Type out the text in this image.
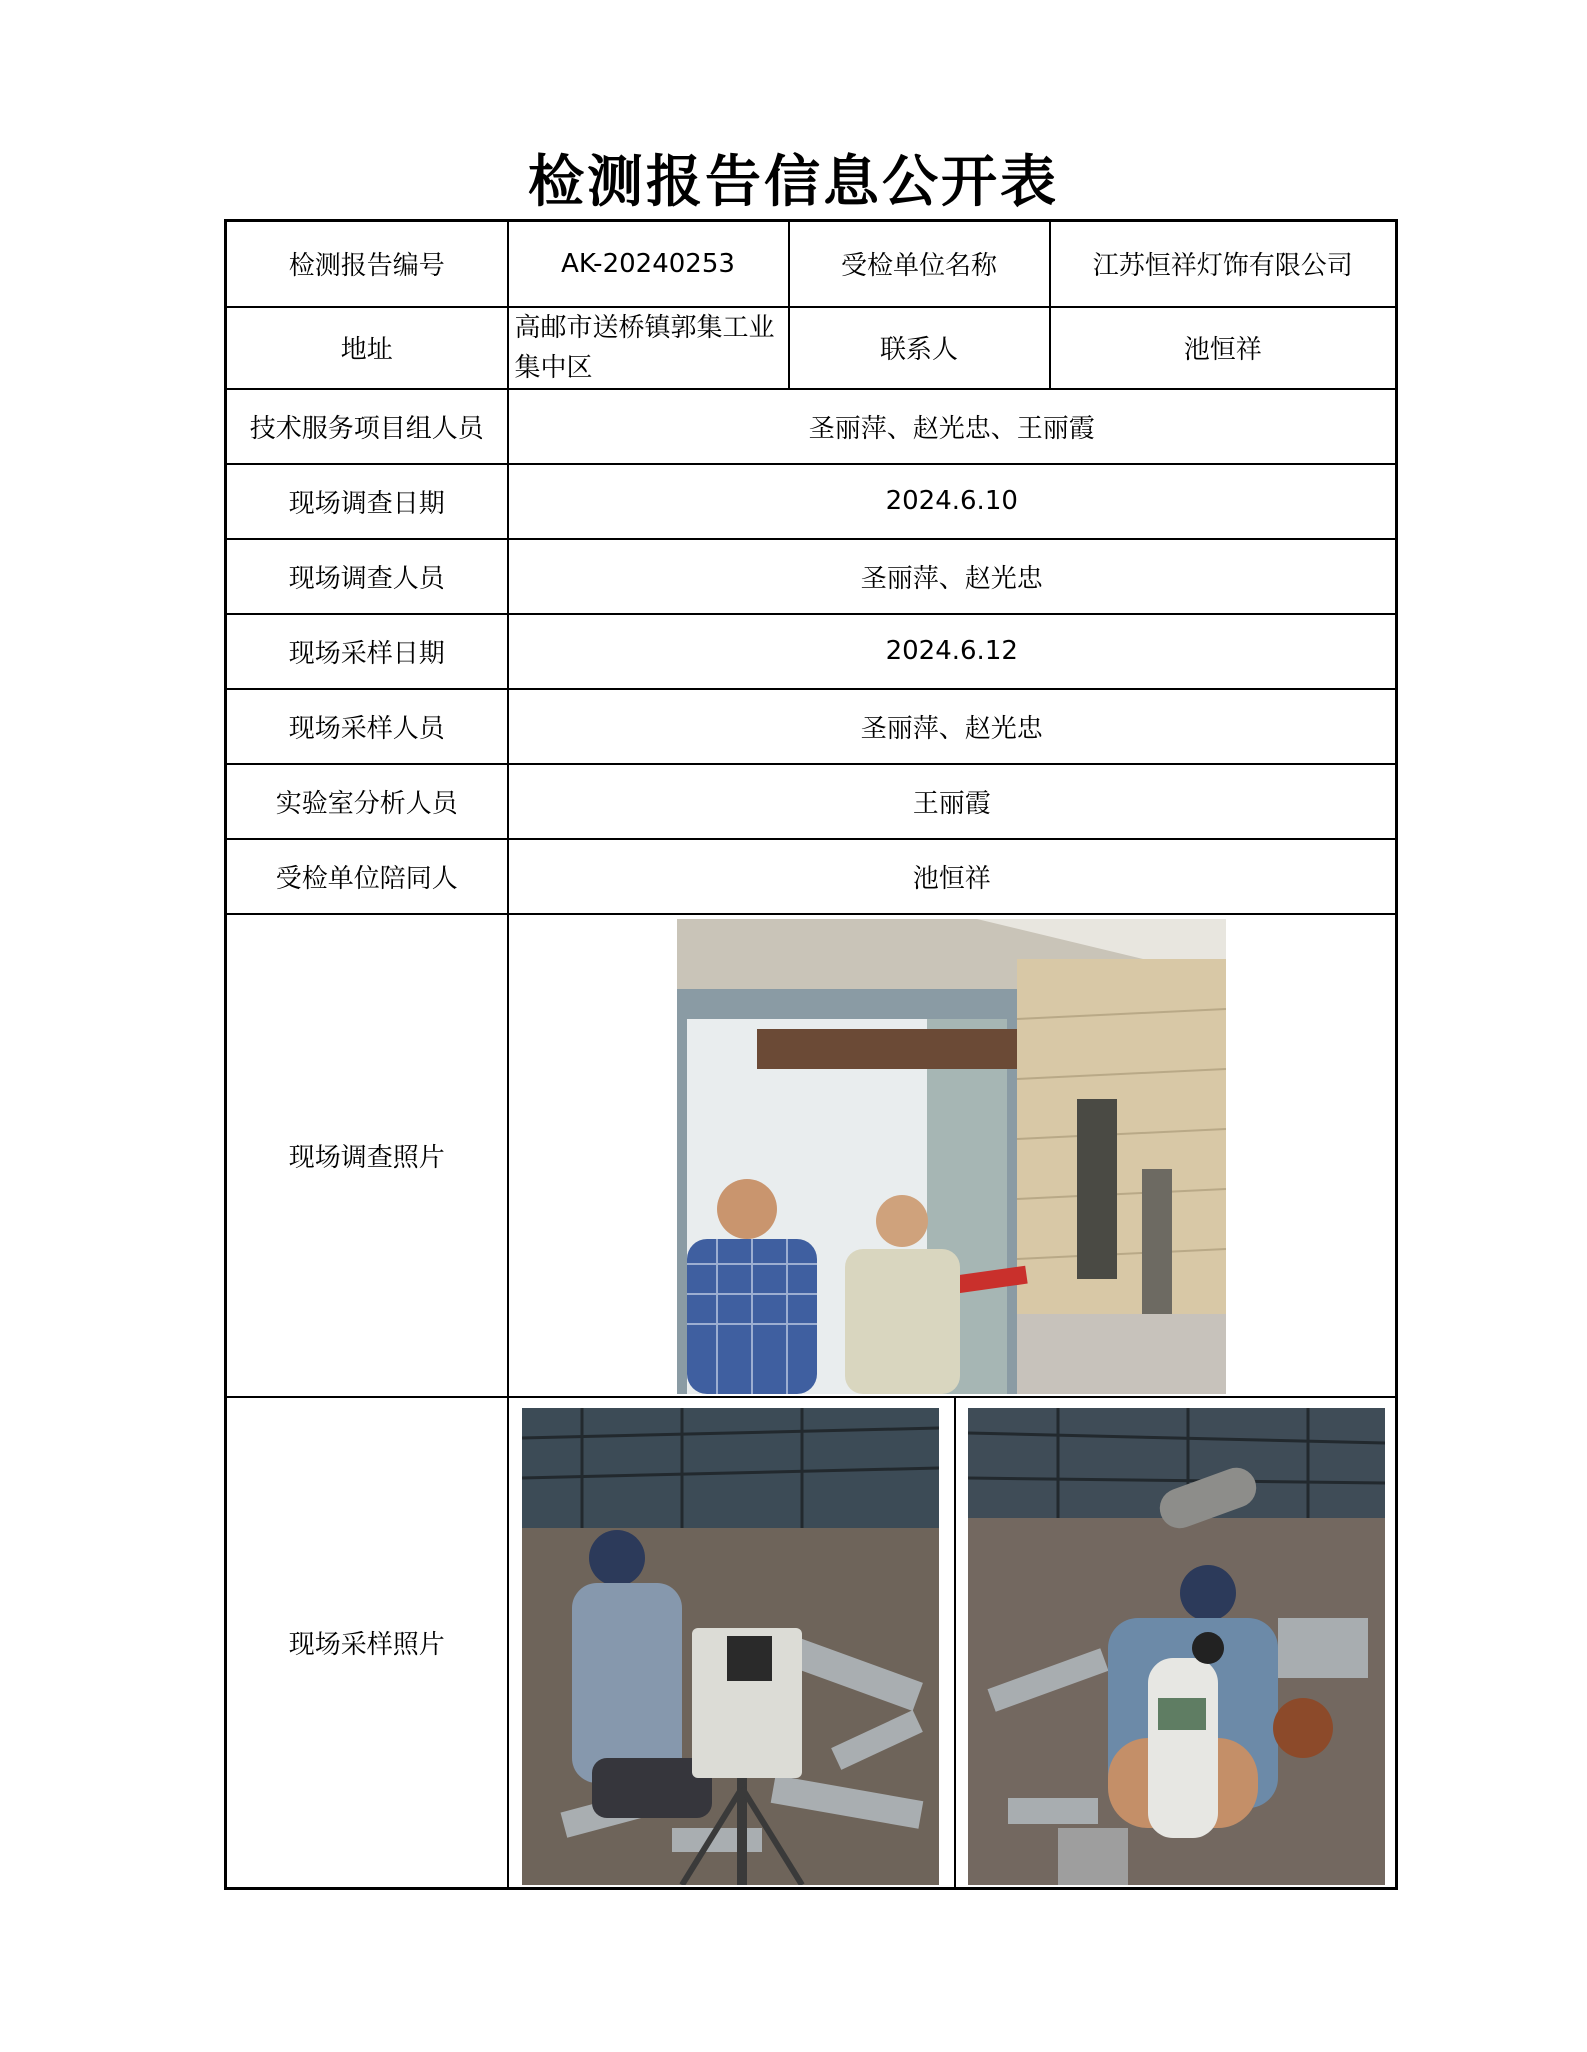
检测报告信息公开表
检测报告编号	AK-20240253	受检单位名称	江苏恒祥灯饰有限公司
地址	高邮市送桥镇郭集工业集中区	联系人	池恒祥
技术服务项目组人员	圣丽萍、赵光忠、王丽霞		
现场调查日期	2024.6.10		
现场调查人员	圣丽萍、赵光忠		
现场采样日期	2024.6.12		
现场采样人员	圣丽萍、赵光忠		
实验室分析人员	王丽霞		
受检单位陪同人	池恒祥		
现场调查照片	

现场采样照片	
